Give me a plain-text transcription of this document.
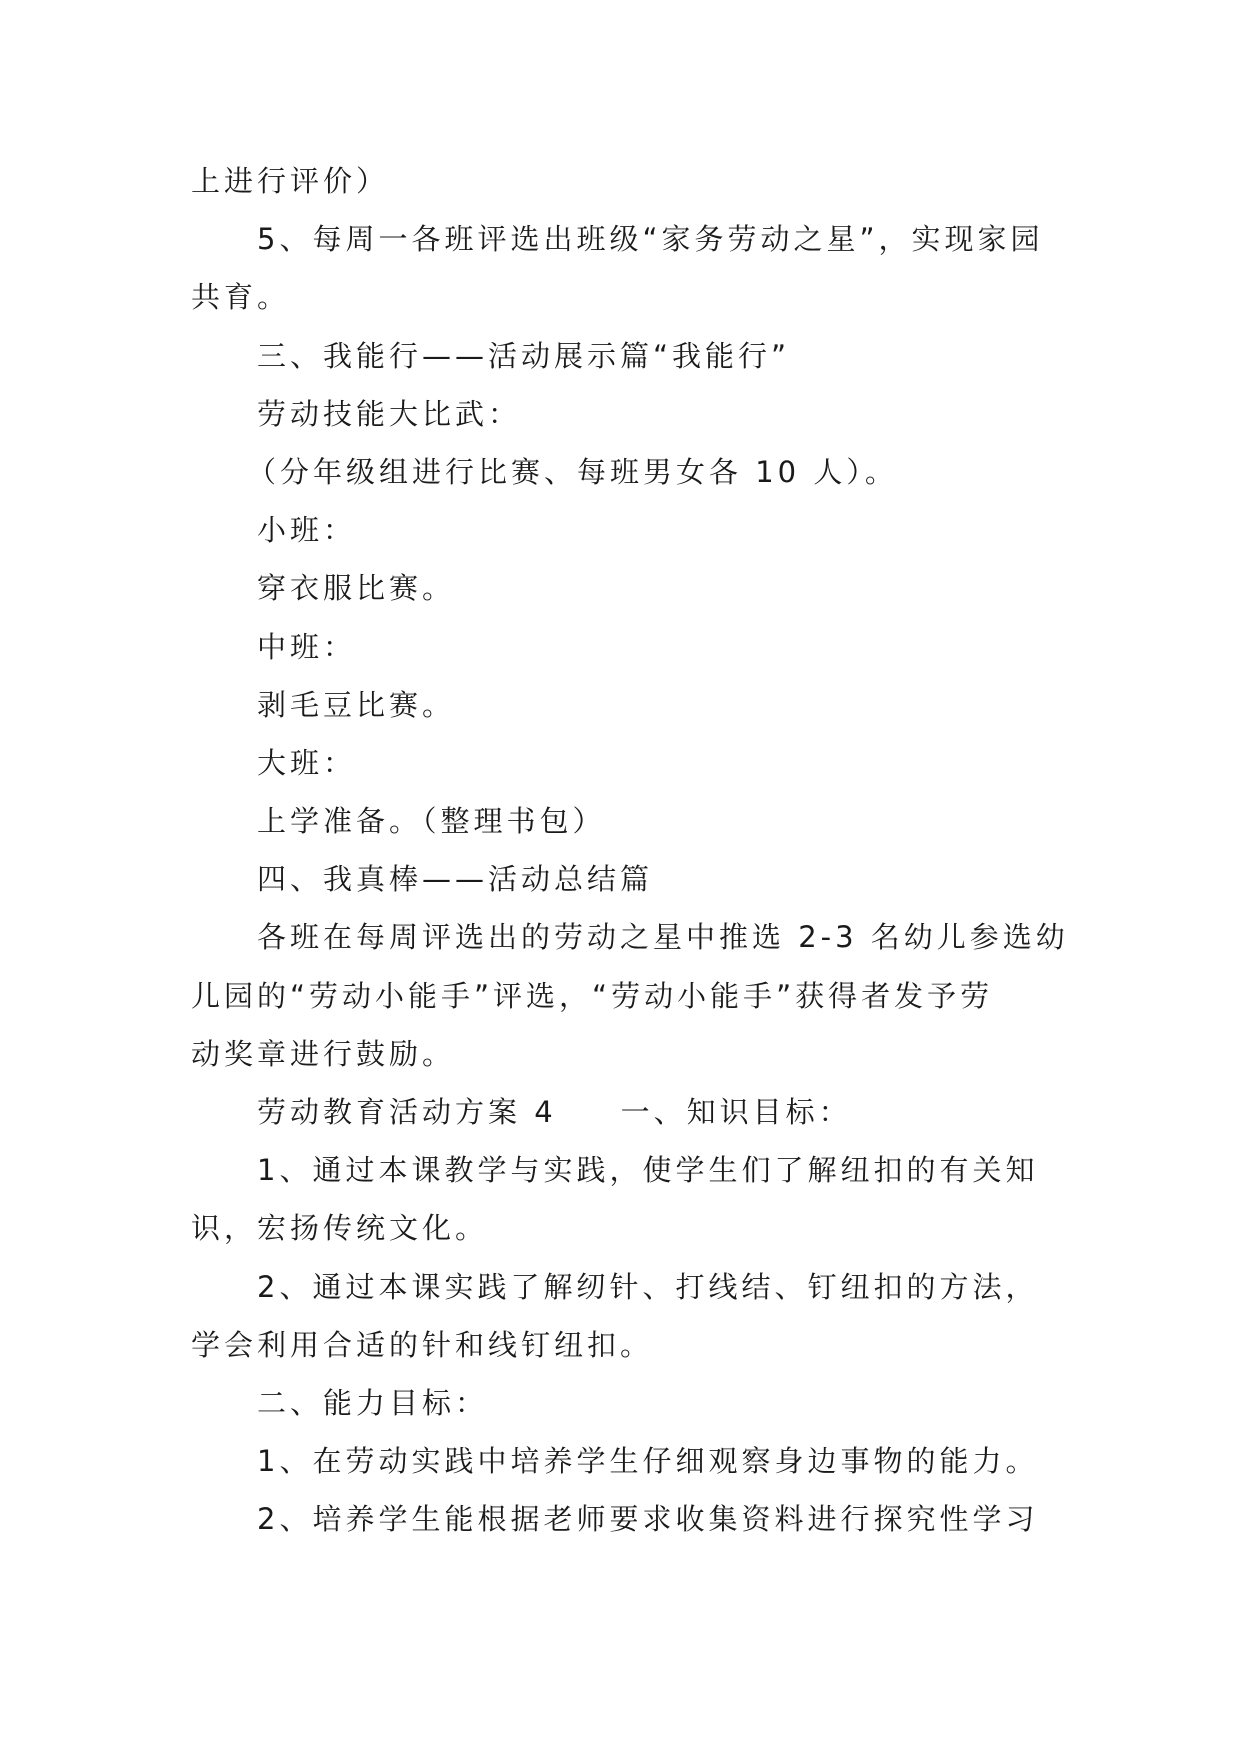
上进行评价）
5、每周一各班评选出班级“家务劳动之星”，实现家园
共育。
三、我能行——活动展示篇“我能行”
劳动技能大比武：
（分年级组进行比赛、每班男女各 10 人）。
小班：
穿衣服比赛。
中班：
剥毛豆比赛。
大班：
上学准备。（整理书包）
四、我真棒——活动总结篇
各班在每周评选出的劳动之星中推选 2-3 名幼儿参选幼
儿园的“劳动小能手”评选，“劳动小能手”获得者发予劳
动奖章进行鼓励。
劳动教育活动方案 4 一、知识目标：
1、通过本课教学与实践，使学生们了解纽扣的有关知
识，宏扬传统文化。
2、通过本课实践了解纫针、打线结、钉纽扣的方法，
学会利用合适的针和线钉纽扣。
二、能力目标：
1、在劳动实践中培养学生仔细观察身边事物的能力。
2、培养学生能根据老师要求收集资料进行探究性学习
